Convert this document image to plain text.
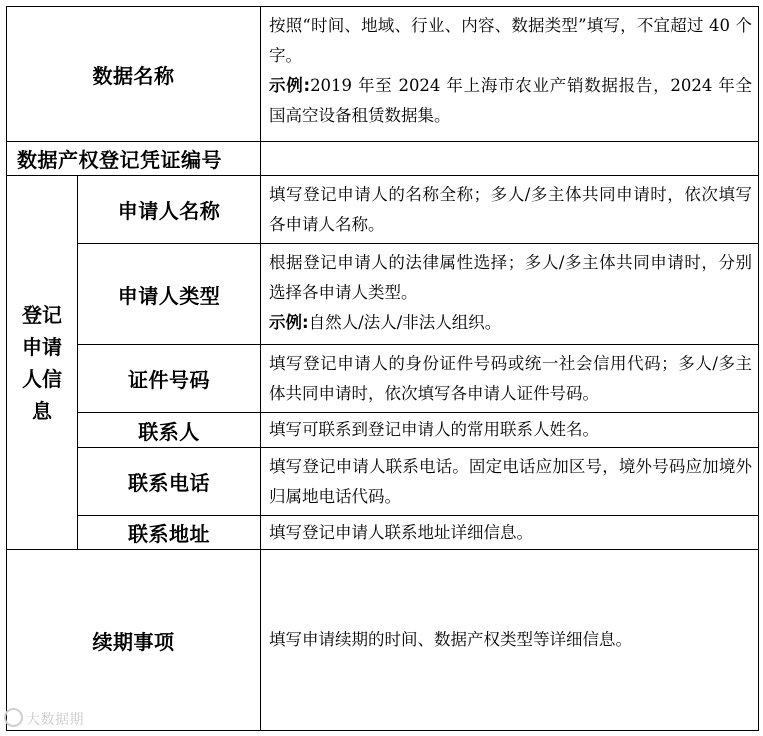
数据名称		按照“时间、地域、行业、内容、数据类型”填写，不宜超过 40 个字。

示例:2019 年至 2024 年上海市农业产销数据报告，2024 年全国高空设备租赁数据集。

数据产权登记凭证编号		

登记
申请
人信
息	申请人名称	填写登记申请人的名称全称；多人/多主体共同申请时，依次填写各申请人名称。
	申请人类型	根据登记申请人的法律属性选择；多人/多主体共同申请时，分别选择各申请人类型。

示例:自然人/法人/非法人组织。

	证件号码	填写登记申请人的身份证件号码或统一社会信用代码；多人/多主体共同申请时，依次填写各申请人证件号码。
	联系人	填写可联系到登记申请人的常用联系人姓名。
	联系电话	填写登记申请人联系电话。固定电话应加区号，境外号码应加境外归属地电话代码。
	联系地址	填写登记申请人联系地址详细信息。
续期事项		填写申请续期的时间、数据产权类型等详细信息。
大数据期
